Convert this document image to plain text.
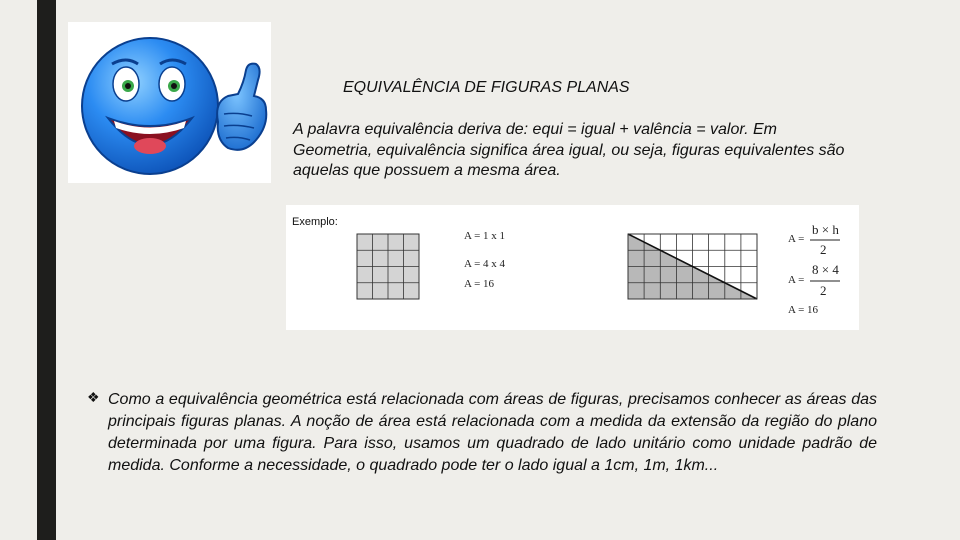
EQUIVALÊNCIA DE FIGURAS PLANAS

A palavra equivalência deriva de: equi = igual + valência = valor. Em Geometria, equivalência significa área igual, ou seja, figuras equivalentes são aquelas que possuem a mesma área.

Exemplo:
A = 1 x 1
A = 4 x 4
A = 16
A =
b × h
2
A =
8 × 4
2
A = 16
❖ Como a equivalência geométrica está relacionada com áreas de figuras, precisamos conhecer as áreas das principais figuras planas. A noção de área está relacionada com a medida da extensão da região do plano determinada por uma figura. Para isso, usamos um quadrado de lado unitário como unidade padrão de medida. Conforme a necessidade, o quadrado pode ter o lado igual a 1cm, 1m, 1km...
